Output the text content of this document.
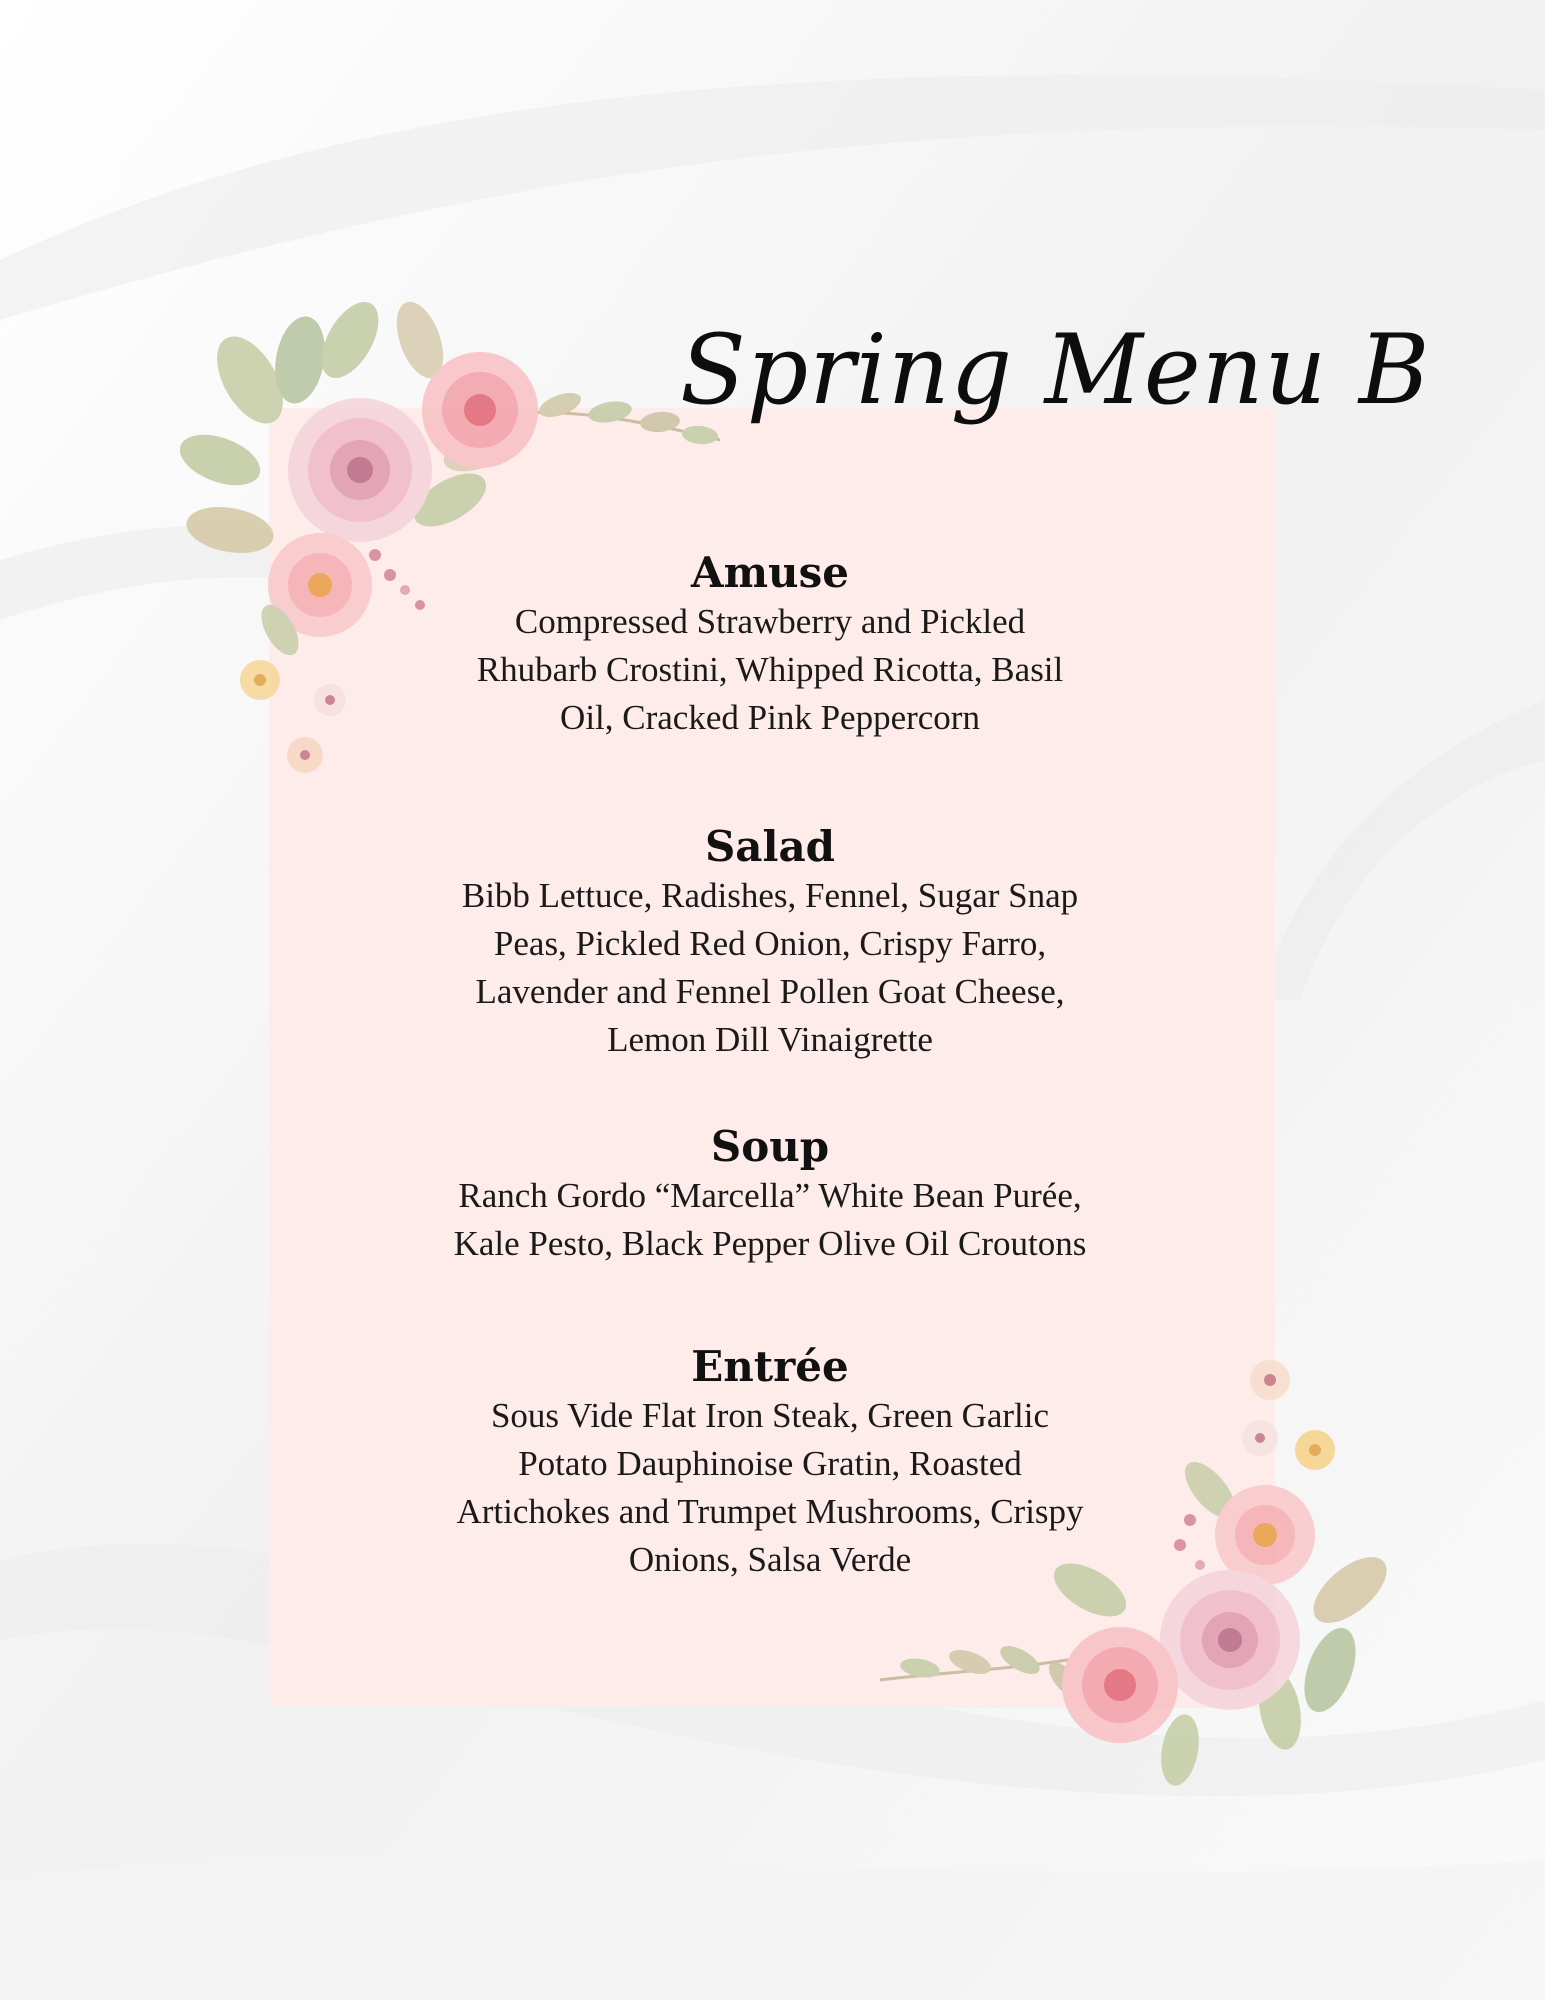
Spring Menu B

Amuse

Compressed Strawberry and Pickled

Rhubarb Crostini, Whipped Ricotta, Basil

Oil, Cracked Pink Peppercorn

Salad

Bibb Lettuce, Radishes, Fennel, Sugar Snap

Peas, Pickled Red Onion, Crispy Farro,

Lavender and Fennel Pollen Goat Cheese,

Lemon Dill Vinaigrette

Soup

Ranch Gordo “Marcella” White Bean Purée,

Kale Pesto, Black Pepper Olive Oil Croutons

Entrée

Sous Vide Flat Iron Steak, Green Garlic

Potato Dauphinoise Gratin, Roasted

Artichokes and Trumpet Mushrooms, Crispy

Onions, Salsa Verde
